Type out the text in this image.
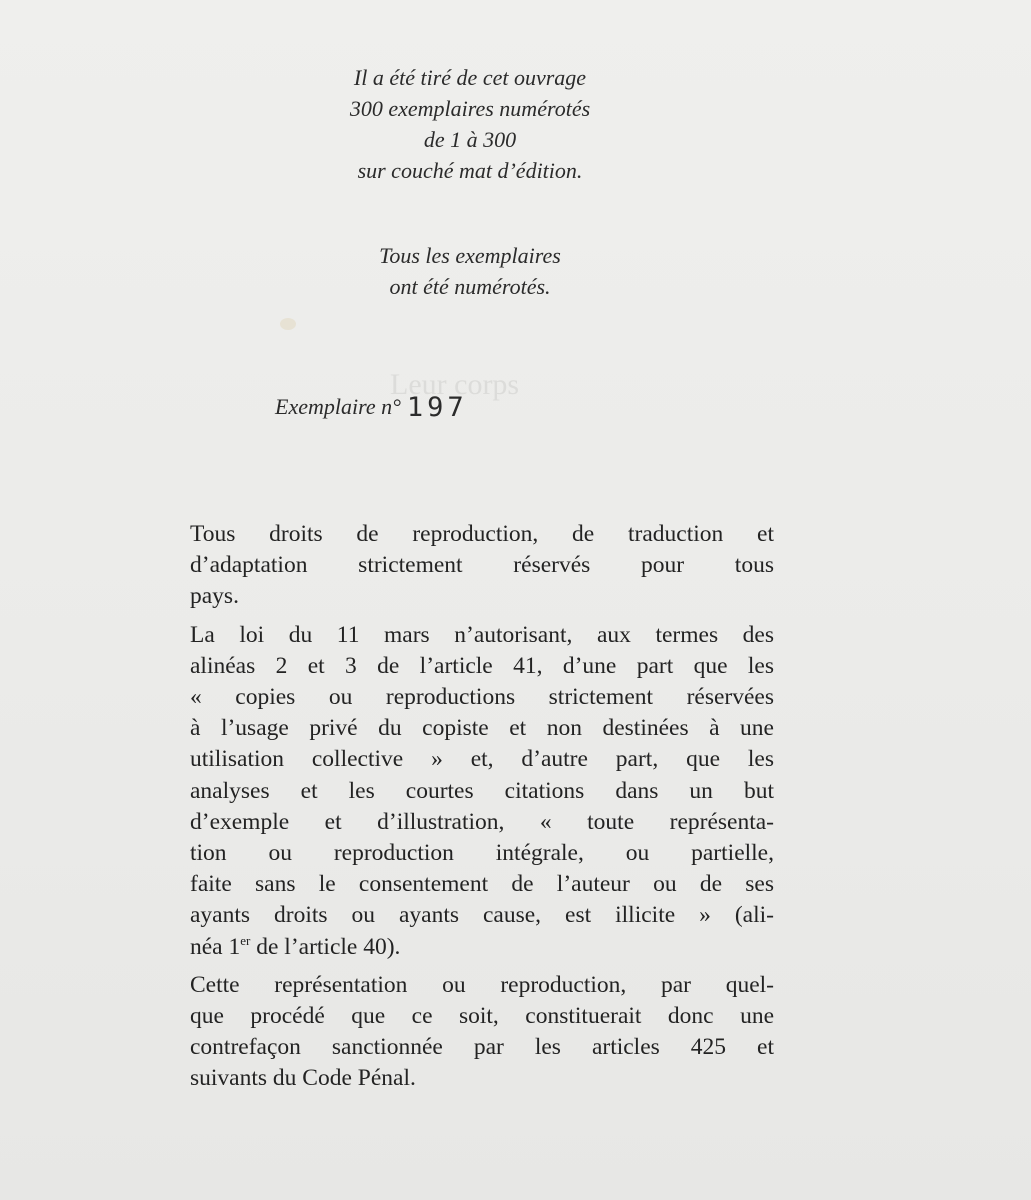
Leur corps
Il a été tiré de cet ouvrage
300 exemplaires numérotés
de 1 à 300
sur couché mat d’édition.
Tous les exemplaires
ont été numérotés.
Exemplaire n° 197

Tous droits de reproduction, de traduction et
d’adaptation strictement réservés pour tous
pays.

La loi du 11 mars n’autorisant, aux termes des
alinéas 2 et 3 de l’article 41, d’une part que les
« copies ou reproductions strictement réservées
à l’usage privé du copiste et non destinées à une
utilisation collective » et, d’autre part, que les
analyses et les courtes citations dans un but
d’exemple et d’illustration, « toute représenta-
tion ou reproduction intégrale, ou partielle,
faite sans le consentement de l’auteur ou de ses
ayants droits ou ayants cause, est illicite » (ali-
néa 1er de l’article 40).

Cette représentation ou reproduction, par quel-
que procédé que ce soit, constituerait donc une
contrefaçon sanctionnée par les articles 425 et
suivants du Code Pénal.
